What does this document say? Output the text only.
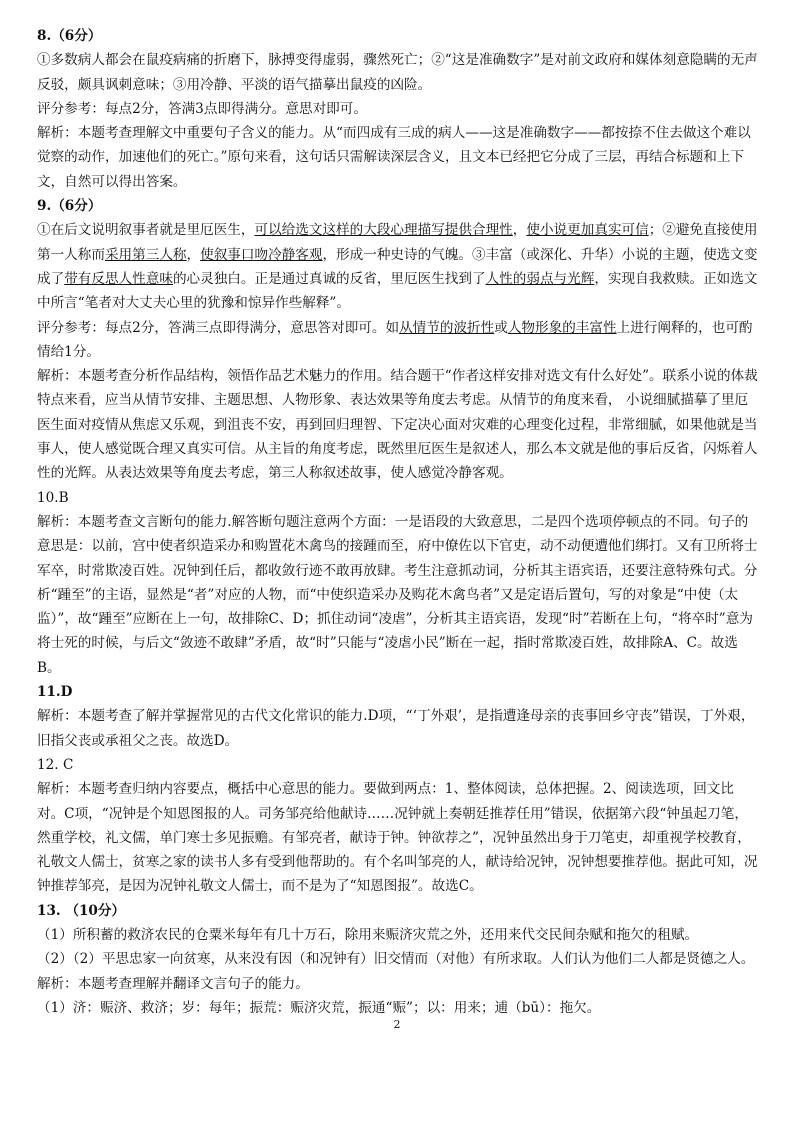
8.（6分）

①多数病人都会在鼠疫病痛的折磨下，脉搏变得虚弱，骤然死亡；②“这是准确数字”是对前文政府和媒体刻意隐瞒的无声反驳，颇具讽刺意味；③用冷静、平淡的语气描摹出鼠疫的凶险。

评分参考：每点2分，答满3点即得满分。意思对即可。

解析：本题考查理解文中重要句子含义的能力。从“而四成有三成的病人——这是准确数字——都按捺不住去做这个难以觉察的动作，加速他们的死亡。”原句来看，这句话只需解读深层含义，且文本已经把它分成了三层，再结合标题和上下文，自然可以得出答案。

9.（6分）

①在后文说明叙事者就是里厄医生，可以给选文这样的大段心理描写提供合理性，使小说更加真实可信；②避免直接使用第一人称而采用第三人称，使叙事口吻冷静客观，形成一种史诗的气魄。③丰富（或深化、升华）小说的主题，使选文变成了带有反思人性意味的心灵独白。正是通过真诚的反省，里厄医生找到了人性的弱点与光辉，实现自我救赎。正如选文中所言“笔者对大丈夫心里的犹豫和惊异作些解释”。

评分参考：每点2分，答满三点即得满分，意思答对即可。如从情节的波折性或人物形象的丰富性上进行阐释的，也可酌情给1分。

解析：本题考查分析作品结构，领悟作品艺术魅力的作用。结合题干“作者这样安排对选文有什么好处”。联系小说的体裁特点来看，应当从情节安排、主题思想、人物形象、表达效果等角度去考虑。从情节的角度来看， 小说细腻描摹了里厄医生面对疫情从焦虑又乐观，到沮丧不安，再到回归理智、下定决心面对灾难的心理变化过程，非常细腻，如果他就是当事人，使人感觉既合理又真实可信。从主旨的角度考虑，既然里厄医生是叙述人，那么本文就是他的事后反省，闪烁着人性的光辉。从表达效果等角度去考虑，第三人称叙述故事，使人感觉冷静客观。

10.B

解析：本题考查文言断句的能力.解答断句题注意两个方面：一是语段的大致意思，二是四个选项停顿点的不同。句子的意思是：以前，宫中使者织造采办和购置花木禽鸟的接踵而至，府中僚佐以下官吏，动不动便遭他们绑打。又有卫所将士军卒，时常欺凌百姓。况钟到任后，都收敛行迹不敢再放肆。考生注意抓动词，分析其主语宾语，还要注意特殊句式。分析“踵至”的主语，显然是“者”对应的人物，而“中使织造采办及购花木禽鸟者”又是定语后置句，写的对象是“中使（太监）”，故“踵至”应断在上一句，故排除C、D；抓住动词“凌虐”，分析其主语宾语，发现“时”若断在上句，“将卒时”意为将士死的时候，与后文“敛迹不敢肆”矛盾，故“时”只能与“凌虐小民”断在一起，指时常欺凌百姓，故排除A、C。故选B。

11.D

解析：本题考查了解并掌握常见的古代文化常识的能力.D项，“‘丁外艰’，是指遭逢母亲的丧事回乡守丧”错误，丁外艰，旧指父丧或承祖父之丧。故选D。

12. C

解析：本题考查归纳内容要点，概括中心意思的能力。要做到两点：1、整体阅读，总体把握。2、阅读选项，回文比对。C项，“况钟是个知恩图报的人。司务邹亮给他献诗……况钟就上奏朝廷推荐任用”错误，依据第六段“钟虽起刀笔，然重学校，礼文儒，单门寒士多见振赡。有邹亮者，献诗于钟。钟欲荐之”，况钟虽然出身于刀笔吏，却重视学校教育，礼敬文人儒士，贫寒之家的读书人多有受到他帮助的。有个名叫邹亮的人，献诗给况钟，况钟想要推荐他。据此可知，况钟推荐邹亮，是因为况钟礼敬文人儒士，而不是为了“知恩图报”。故选C。

13. （10分）

（1）所积蓄的救济农民的仓粟米每年有几十万石，除用来赈济灾荒之外，还用来代交民间杂赋和拖欠的租赋。

（2）（2）平思忠家一向贫寒，从来没有因（和况钟有）旧交情而（对他）有所求取。人们认为他们二人都是贤德之人。解析：本题考查理解并翻译文言句子的能力。

（1）济：赈济、救济；岁：每年；振荒：赈济灾荒，振通“赈”；以：用来；逋（bū）：拖欠。

2
